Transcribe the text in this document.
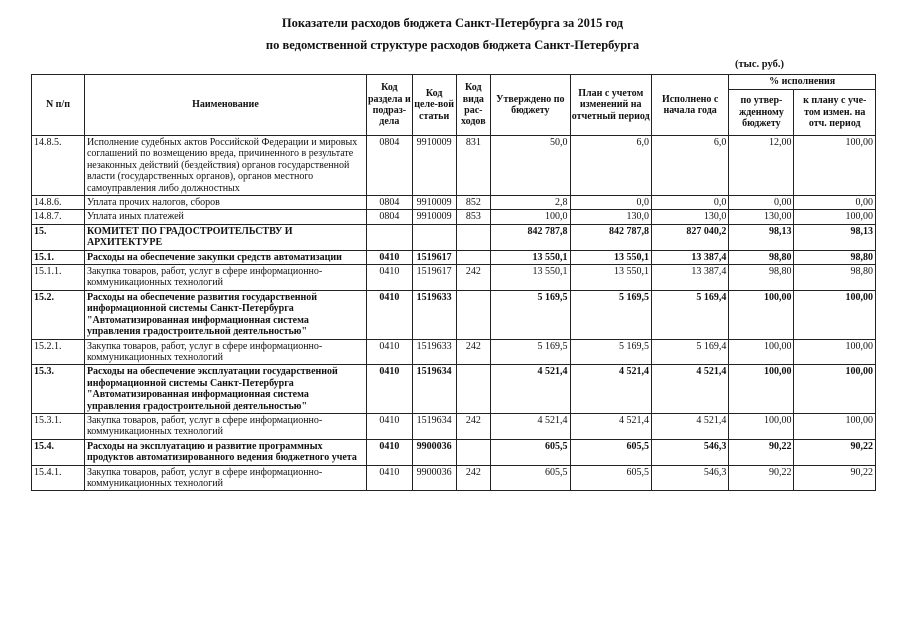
Показатели расходов бюджета Санкт-Петербурга за 2015 год
по ведомственной структуре расходов бюджета Санкт-Петербурга
(тыс. руб.)
N п/п	Наименование	Код раздела и подраз-дела	Код целе-вой статьи	Код вида рас-ходов	Утверждено по бюджету	План с учетом изменений на отчетный период	Исполнено с начала года	% исполнения	
								по утвер-жденному бюджету	к плану с уче-том измен. на отч. период
14.8.5.	Исполнение судебных актов Российской Федерации и мировых соглашений по возмещению вреда, причиненного в результате незаконных действий (бездействия) органов государственной власти (государственных органов), органов местного самоуправления либо должностных	0804	9910009	831	50,0	6,0	6,0	12,00	100,00
14.8.6.	Уплата прочих налогов, сборов	0804	9910009	852	2,8	0,0	0,0	0,00	0,00
14.8.7.	Уплата иных платежей	0804	9910009	853	100,0	130,0	130,0	130,00	100,00
15.	КОМИТЕТ ПО ГРАДОСТРОИТЕЛЬСТВУ И АРХИТЕКТУРЕ				842 787,8	842 787,8	827 040,2	98,13	98,13
15.1.	Расходы на обеспечение закупки средств автоматизации	0410	1519617		13 550,1	13 550,1	13 387,4	98,80	98,80
15.1.1.	Закупка товаров, работ, услуг в сфере информационно-коммуникационных технологий	0410	1519617	242	13 550,1	13 550,1	13 387,4	98,80	98,80
15.2.	Расходы на обеспечение развития государственной информационной системы Санкт-Петербурга "Автоматизированная информационная система управления градостроительной деятельностью"	0410	1519633		5 169,5	5 169,5	5 169,4	100,00	100,00
15.2.1.	Закупка товаров, работ, услуг в сфере информационно-коммуникационных технологий	0410	1519633	242	5 169,5	5 169,5	5 169,4	100,00	100,00
15.3.	Расходы на обеспечение эксплуатации государственной информационной системы Санкт-Петербурга "Автоматизированная информационная система управления градостроительной деятельностью"	0410	1519634		4 521,4	4 521,4	4 521,4	100,00	100,00
15.3.1.	Закупка товаров, работ, услуг в сфере информационно-коммуникационных технологий	0410	1519634	242	4 521,4	4 521,4	4 521,4	100,00	100,00
15.4.	Расходы на эксплуатацию и развитие программных продуктов автоматизированного ведения бюджетного учета	0410	9900036		605,5	605,5	546,3	90,22	90,22
15.4.1.	Закупка товаров, работ, услуг в сфере информационно-коммуникационных технологий	0410	9900036	242	605,5	605,5	546,3	90,22	90,22
